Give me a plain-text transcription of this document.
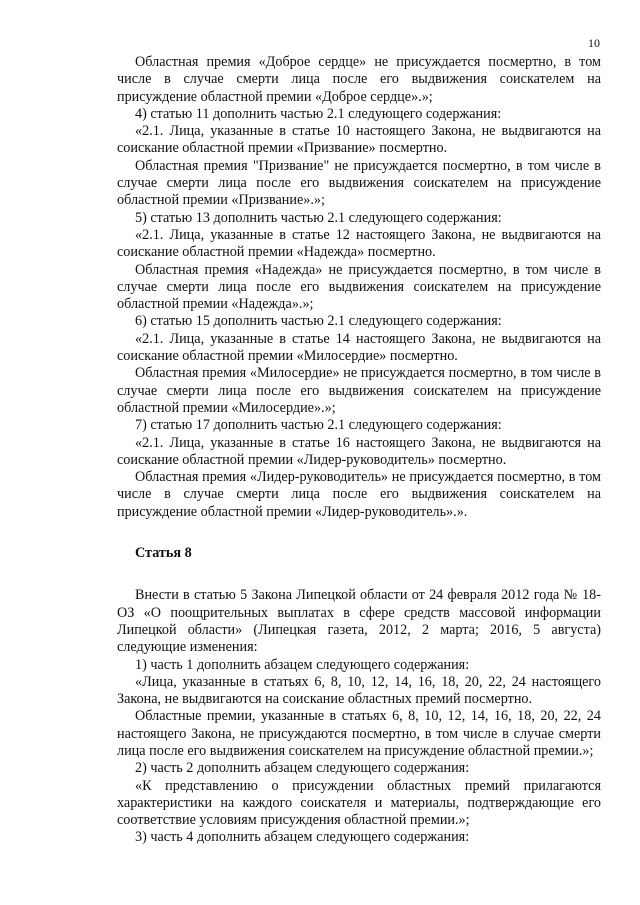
10

Областная премия «Доброе сердце» не присуждается посмертно, в том числе в случае смерти лица после его выдвижения соискателем на присуждение областной премии «Доброе сердце».»;

4) статью 11 дополнить частью 2.1 следующего содержания:

«2.1. Лица, указанные в статье 10 настоящего Закона, не выдвигаются на соискание областной премии «Призвание» посмертно.

Областная премия "Призвание" не присуждается посмертно, в том числе в случае смерти лица после его выдвижения соискателем на присуждение областной премии «Призвание».»;

5) статью 13 дополнить частью 2.1 следующего содержания:

«2.1. Лица, указанные в статье 12 настоящего Закона, не выдвигаются на соискание областной премии «Надежда» посмертно.

Областная премия «Надежда» не присуждается посмертно, в том числе в случае смерти лица после его выдвижения соискателем на присуждение областной премии «Надежда».»;

6) статью 15 дополнить частью 2.1 следующего содержания:

«2.1. Лица, указанные в статье 14 настоящего Закона, не выдвигаются на соискание областной премии «Милосердие» посмертно.

Областная премия «Милосердие» не присуждается посмертно, в том числе в случае смерти лица после его выдвижения соискателем на присуждение областной премии «Милосердие».»;

7) статью 17 дополнить частью 2.1 следующего содержания:

«2.1. Лица, указанные в статье 16 настоящего Закона, не выдвигаются на соискание областной премии «Лидер-руководитель» посмертно.

Областная премия «Лидер-руководитель» не присуждается посмертно, в том числе в случае смерти лица после его выдвижения соискателем на присуждение областной премии «Лидер-руководитель».».

Статья 8

Внести в статью 5 Закона Липецкой области от 24 февраля 2012 года № 18-ОЗ «О поощрительных выплатах в сфере средств массовой информации Липецкой области» (Липецкая газета, 2012, 2 марта; 2016, 5 августа) следующие изменения:

1) часть 1 дополнить абзацем следующего содержания:

«Лица, указанные в статьях 6, 8, 10, 12, 14, 16, 18, 20, 22, 24 настоящего Закона, не выдвигаются на соискание областных премий посмертно.

Областные премии, указанные в статьях 6, 8, 10, 12, 14, 16, 18, 20, 22, 24 настоящего Закона, не присуждаются посмертно, в том числе в случае смерти лица после его выдвижения соискателем на присуждение областной премии.»;

2) часть 2 дополнить абзацем следующего содержания:

«К представлению о присуждении областных премий прилагаются характеристики на каждого соискателя и материалы, подтверждающие его соответствие условиям присуждения областной премии.»;

3) часть 4 дополнить абзацем следующего содержания:
